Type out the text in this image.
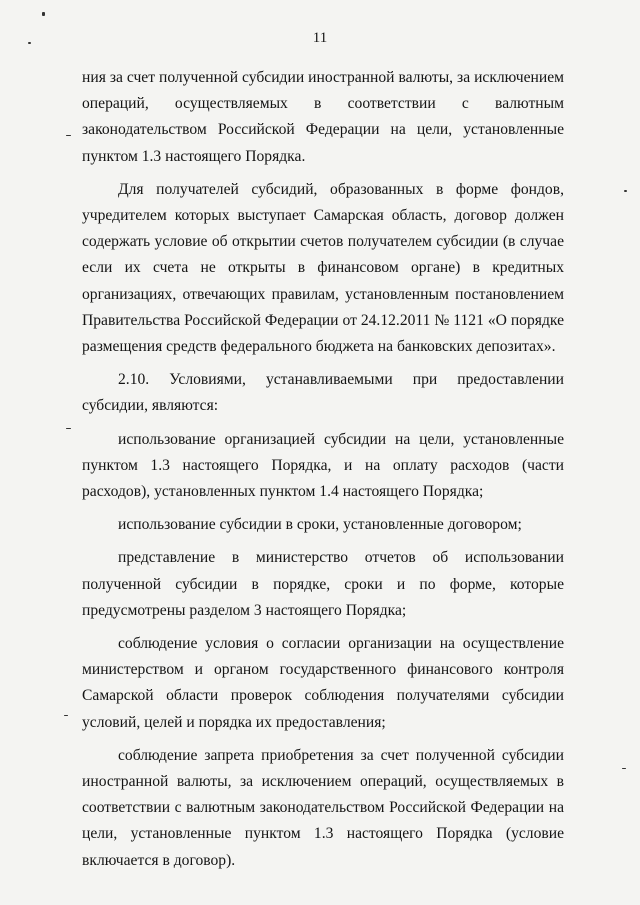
11

ния за счет полученной субсидии иностранной валюты, за исключением операций, осуществляемых в соответствии с валютным законодательством Российской Федерации на цели, установленные пунктом 1.3 настоящего Порядка.

Для получателей субсидий, образованных в форме фондов, учредителем которых выступает Самарская область, договор должен содержать условие об открытии счетов получателем субсидии (в случае если их счета не открыты в финансовом органе) в кредитных организациях, отвечающих правилам, установленным постановлением Правительства Российской Федерации от 24.12.2011 № 1121 «О порядке размещения средств федерального бюджета на банковских депозитах».

2.10. Условиями, устанавливаемыми при предоставлении субсидии, являются:

использование организацией субсидии на цели, установленные пунктом 1.3 настоящего Порядка, и на оплату расходов (части расходов), установленных пунктом 1.4 настоящего Порядка;

использование субсидии в сроки, установленные договором;

представление в министерство отчетов об использовании полученной субсидии в порядке, сроки и по форме, которые предусмотрены разделом 3 настоящего Порядка;

соблюдение условия о согласии организации на осуществление министерством и органом государственного финансового контроля Самарской области проверок соблюдения получателями субсидии условий, целей и порядка их предоставления;

соблюдение запрета приобретения за счет полученной субсидии иностранной валюты, за исключением операций, осуществляемых в соответствии с валютным законодательством Российской Федерации на цели, установленные пунктом 1.3 настоящего Порядка (условие включается в договор).
